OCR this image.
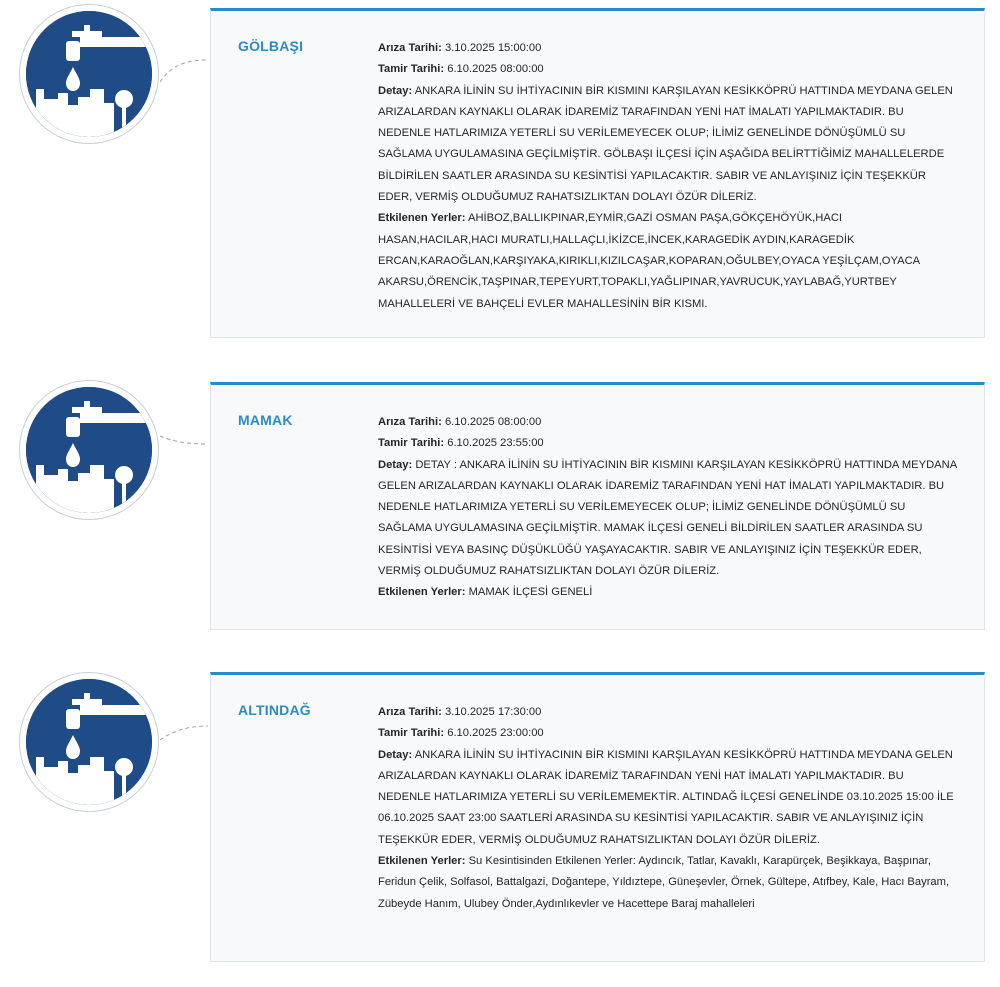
GÖLBAŞI	Arıza Tarihi: 3.10.2025 15:00:00

Tamir Tarihi: 6.10.2025 08:00:00

Detay: ANKARA İLİNİN SU İHTİYACININ BİR KISMINI KARŞILAYAN KESİKKÖPRÜ HATTINDA MEYDANA GELEN ARIZALARDAN KAYNAKLI OLARAK İDAREMİZ TARAFINDAN YENİ HAT İMALATI YAPILMAKTADIR. BU NEDENLE HATLARIMIZA YETERLİ SU VERİLEMEYECEK OLUP; İLİMİZ GENELİNDE DÖNÜŞÜMLÜ SU SAĞLAMA UYGULAMASINA GEÇİLMİŞTİR. GÖLBAŞI İLÇESİ İÇİN AŞAĞIDA BELİRTTİĞİMİZ MAHALLELERDE BİLDİRİLEN SAATLER ARASINDA SU KESİNTİSİ YAPILACAKTIR. SABIR VE ANLAYIŞINIZ İÇİN TEŞEKKÜR EDER, VERMİŞ OLDUĞUMUZ RAHATSIZLIKTAN DOLAYI ÖZÜR DİLERİZ.

Etkilenen Yerler: AHİBOZ,BALLIKPINAR,EYMİR,GAZİ OSMAN PAŞA,GÖKÇEHÖYÜK,HACI HASAN,HACILAR,HACI MURATLI,HALLAÇLI,İKİZCE,İNCEK,KARAGEDİK AYDIN,KARAGEDİK ERCAN,KARAOĞLAN,KARŞIYAKA,KIRIKLI,KIZILCAŞAR,KOPARAN,OĞULBEY,OYACA YEŞİLÇAM,OYACA AKARSU,ÖRENCİK,TAŞPINAR,TEPEYURT,TOPAKLI,YAĞLIPINAR,YAVRUCUK,YAYLABAĞ,YURTBEY MAHALLELERİ VE BAHÇELİ EVLER MAHALLESİNİN BİR KISMI.

MAMAK	Arıza Tarihi: 6.10.2025 08:00:00

Tamir Tarihi: 6.10.2025 23:55:00

Detay: DETAY : ANKARA İLİNİN SU İHTİYACININ BİR KISMINI KARŞILAYAN KESİKKÖPRÜ HATTINDA MEYDANA GELEN ARIZALARDAN KAYNAKLI OLARAK İDAREMİZ TARAFINDAN YENİ HAT İMALATI YAPILMAKTADIR. BU NEDENLE HATLARIMIZA YETERLİ SU VERİLEMEYECEK OLUP; İLİMİZ GENELİNDE DÖNÜŞÜMLÜ SU SAĞLAMA UYGULAMASINA GEÇİLMİŞTİR. MAMAK İLÇESİ GENELİ BİLDİRİLEN SAATLER ARASINDA SU KESİNTİSİ VEYA BASINÇ DÜŞÜKLÜĞÜ YAŞAYACAKTIR. SABIR VE ANLAYIŞINIZ İÇİN TEŞEKKÜR EDER, VERMİŞ OLDUĞUMUZ RAHATSIZLIKTAN DOLAYI ÖZÜR DİLERİZ.

Etkilenen Yerler: MAMAK İLÇESİ GENELİ

ALTINDAĞ	Arıza Tarihi: 3.10.2025 17:30:00

Tamir Tarihi: 6.10.2025 23:00:00

Detay: ANKARA İLİNİN SU İHTİYACININ BİR KISMINI KARŞILAYAN KESİKKÖPRÜ HATTINDA MEYDANA GELEN ARIZALARDAN KAYNAKLI OLARAK İDAREMİZ TARAFINDAN YENİ HAT İMALATI YAPILMAKTADIR. BU NEDENLE HATLARIMIZA YETERLİ SU VERİLEMEMEKTİR. ALTINDAĞ İLÇESİ GENELİNDE 03.10.2025 15:00 İLE 06.10.2025 SAAT 23:00 SAATLERİ ARASINDA SU KESİNTİSİ YAPILACAKTIR. SABIR VE ANLAYIŞINIZ İÇİN TEŞEKKÜR EDER, VERMİŞ OLDUĞUMUZ RAHATSIZLIKTAN DOLAYI ÖZÜR DİLERİZ.

Etkilenen Yerler: Su Kesintisinden Etkilenen Yerler: Aydıncık, Tatlar, Kavaklı, Karapürçek, Beşikkaya, Başpınar, Feridun Çelik, Solfasol, Battalgazi, Doğantepe, Yıldıztepe, Güneşevler, Örnek, Gültepe, Atıfbey, Kale, Hacı Bayram, Zübeyde Hanım, Ulubey Önder,Aydınlıkevler ve Hacettepe Baraj mahalleleri
